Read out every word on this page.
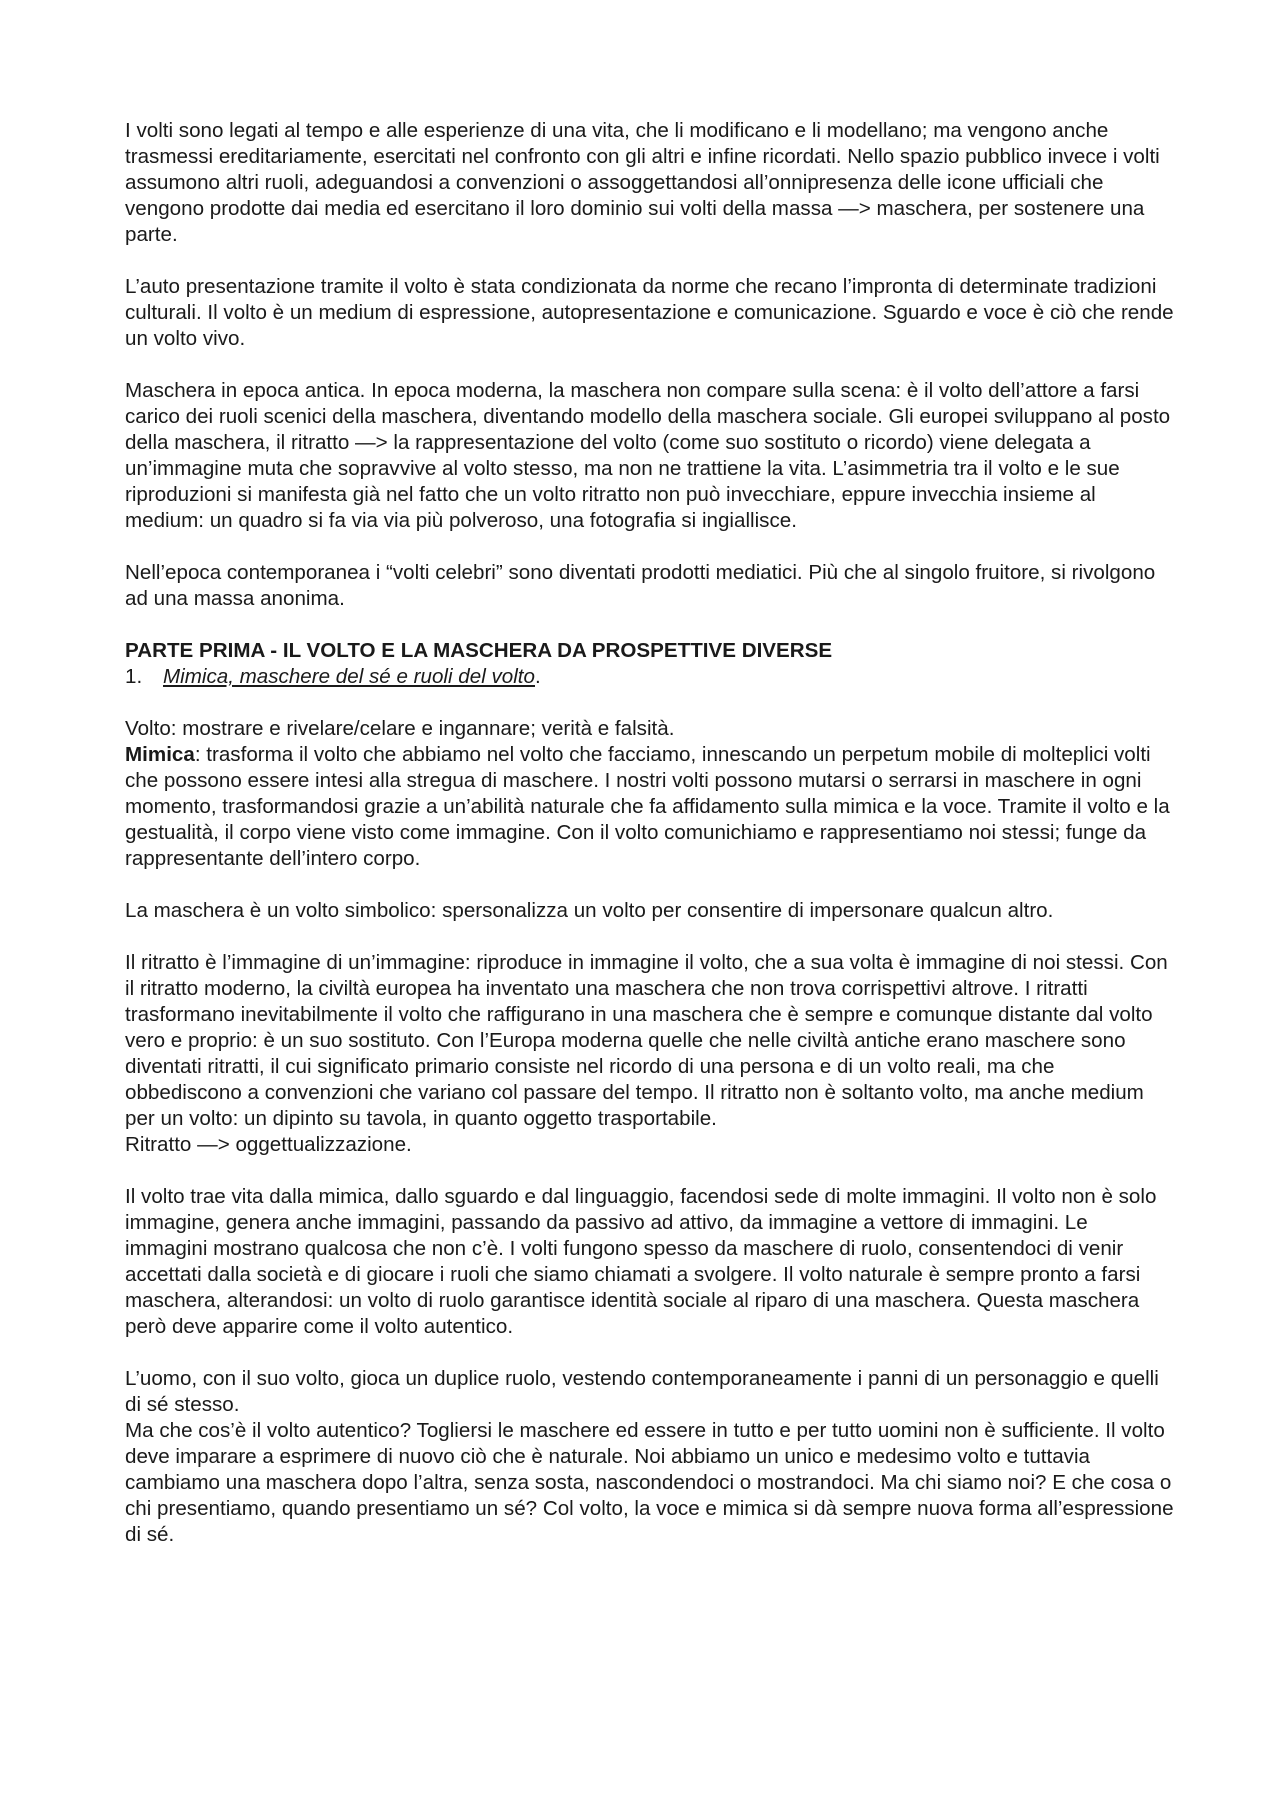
I volti sono legati al tempo e alle esperienze di una vita, che li modificano e li modellano; ma vengono anche trasmessi ereditariamente, esercitati nel confronto con gli altri e infine ricordati. Nello spazio pubblico invece i volti assumono altri ruoli, adeguandosi a convenzioni o assoggettandosi all’onnipresenza delle icone ufficiali che vengono prodotte dai media ed esercitano il loro dominio sui volti della massa —> maschera, per sostenere una parte.

L’auto presentazione tramite il volto è stata condizionata da norme che recano l’impronta di determinate tradizioni culturali. Il volto è un medium di espressione, autopresentazione e comunicazione. Sguardo e voce è ciò che rende un volto vivo.

Maschera in epoca antica. In epoca moderna, la maschera non compare sulla scena: è il volto dell’attore a farsi carico dei ruoli scenici della maschera, diventando modello della maschera sociale. Gli europei sviluppano al posto della maschera, il ritratto —> la rappresentazione del volto (come suo sostituto o ricordo) viene delegata a un’immagine muta che sopravvive al volto stesso, ma non ne trattiene la vita. L’asimmetria tra il volto e le sue riproduzioni si manifesta già nel fatto che un volto ritratto non può invecchiare, eppure invecchia insieme al medium: un quadro si fa via via più polveroso, una fotografia si ingiallisce.

Nell’epoca contemporanea i “volti celebri” sono diventati prodotti mediatici. Più che al singolo fruitore, si rivolgono ad una massa anonima.

PARTE PRIMA - IL VOLTO E LA MASCHERA DA PROSPETTIVE DIVERSE

1.	Mimica, maschere del sé e ruoli del volto.

Volto: mostrare e rivelare/celare e ingannare; verità e falsità.

Mimica: trasforma il volto che abbiamo nel volto che facciamo, innescando un perpetum mobile di molteplici volti che possono essere intesi alla stregua di maschere. I nostri volti possono mutarsi o serrarsi in maschere in ogni momento, trasformandosi grazie a un’abilità naturale che fa affidamento sulla mimica e la voce. Tramite il volto e la gestualità, il corpo viene visto come immagine. Con il volto comunichiamo e rappresentiamo noi stessi; funge da rappresentante dell’intero corpo.

La maschera è un volto simbolico: spersonalizza un volto per consentire di impersonare qualcun altro.

Il ritratto è l’immagine di un’immagine: riproduce in immagine il volto, che a sua volta è immagine di noi stessi. Con il ritratto moderno, la civiltà europea ha inventato una maschera che non trova corrispettivi altrove. I ritratti trasformano inevitabilmente il volto che raffigurano in una maschera che è sempre e comunque distante dal volto vero e proprio: è un suo sostituto. Con l’Europa moderna quelle che nelle civiltà antiche erano maschere sono diventati ritratti, il cui significato primario consiste nel ricordo di una persona e di un volto reali, ma che obbediscono a convenzioni che variano col passare del tempo. Il ritratto non è soltanto volto, ma anche medium per un volto: un dipinto su tavola, in quanto oggetto trasportabile.

Ritratto —> oggettualizzazione.

Il volto trae vita dalla mimica, dallo sguardo e dal linguaggio, facendosi sede di molte immagini. Il volto non è solo immagine, genera anche immagini, passando da passivo ad attivo, da immagine a vettore di immagini. Le immagini mostrano qualcosa che non c’è. I volti fungono spesso da maschere di ruolo, consentendoci di venir accettati dalla società e di giocare i ruoli che siamo chiamati a svolgere. Il volto naturale è sempre pronto a farsi maschera, alterandosi: un volto di ruolo garantisce identità sociale al riparo di una maschera. Questa maschera però deve apparire come il volto autentico.

L’uomo, con il suo volto, gioca un duplice ruolo, vestendo contemporaneamente i panni di un personaggio e quelli di sé stesso.

Ma che cos’è il volto autentico? Togliersi le maschere ed essere in tutto e per tutto uomini non è sufficiente. Il volto deve imparare a esprimere di nuovo ciò che è naturale. Noi abbiamo un unico e medesimo volto e tuttavia cambiamo una maschera dopo l’altra, senza sosta, nascondendoci o mostrandoci. Ma chi siamo noi? E che cosa o chi presentiamo, quando presentiamo un sé? Col volto, la voce e mimica si dà sempre nuova forma all’espressione di sé.
